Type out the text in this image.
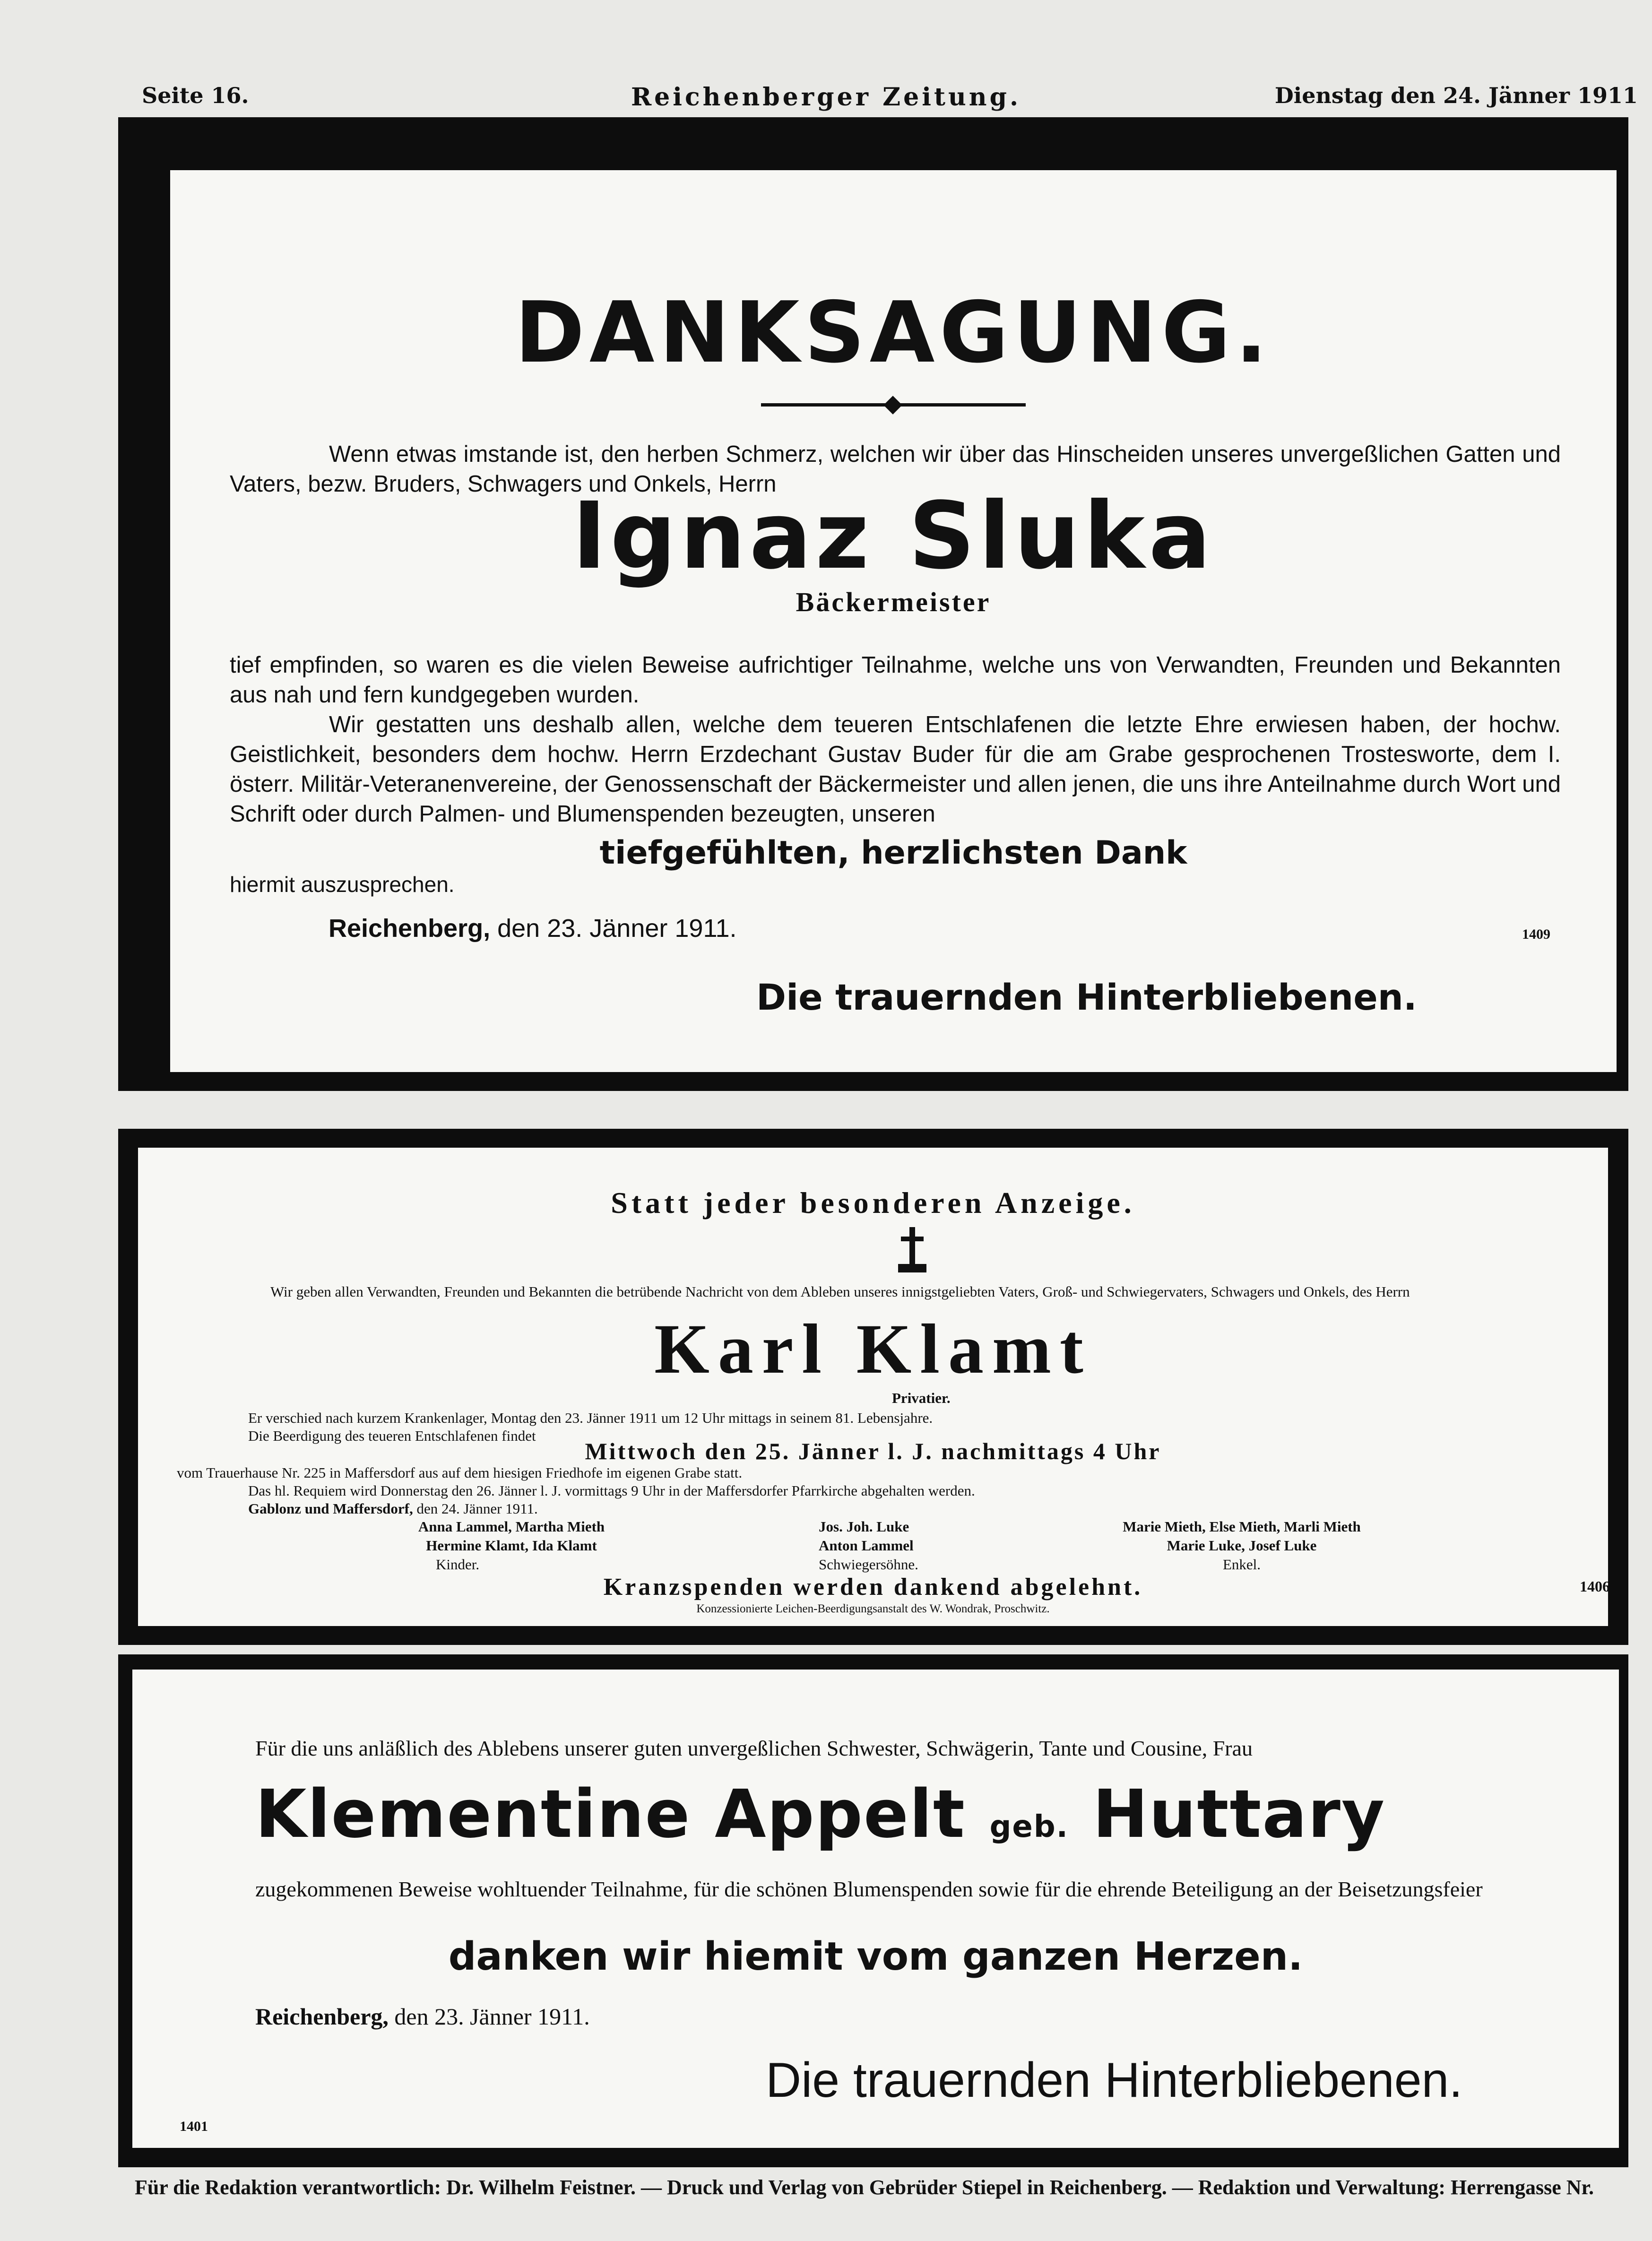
Seite 16.	Reichenberger Zeitung.	Dienstag den 24. Jänner 1911
DANKSAGUNG.

Wenn etwas imstande ist, den herben Schmerz, welchen wir über das Hinscheiden unseres unvergeßlichen Gatten und Vaters, bezw. Bruders, Schwagers und Onkels, Herrn

Ignaz Sluka
Bäckermeister

tief empfinden, so waren es die vielen Beweise aufrichtiger Teilnahme, welche uns von Verwandten, Freunden und Bekannten aus nah und fern kundgegeben wurden.

Wir gestatten uns deshalb allen, welche dem teueren Entschlafenen die letzte Ehre erwiesen haben, der hochw. Geistlichkeit, besonders dem hochw. Herrn Erzdechant Gustav Buder für die am Grabe gesprochenen Trostesworte, dem I. österr. Militär-Veteranenvereine, der Genossenschaft der Bäckermeister und allen jenen, die uns ihre Anteilnahme durch Wort und Schrift oder durch Palmen- und Blumenspenden bezeugten, unseren

tiefgefühlten, herzlichsten Dank
hiermit auszusprechen.
Reichenberg, den 23. Jänner 1911.	1409
Die trauernden Hinterbliebenen.
Statt jeder besonderen Anzeige.

Wir geben allen Verwandten, Freunden und Bekannten die betrübende Nachricht von dem Ableben unseres innigstgeliebten Vaters, Groß- und Schwiegervaters, Schwagers und Onkels, des Herrn

Karl Klamt
Privatier.
Er verschied nach kurzem Krankenlager, Montag den 23. Jänner 1911 um 12 Uhr mittags in seinem 81. Lebensjahre.
Die Beerdigung des teueren Entschlafenen findet
Mittwoch den 25. Jänner l. J. nachmittags 4 Uhr
vom Trauerhause Nr. 225 in Maffersdorf aus auf dem hiesigen Friedhofe im eigenen Grabe statt.
Das hl. Requiem wird Donnerstag den 26. Jänner l. J. vormittags 9 Uhr in der Maffersdorfer Pfarrkirche abgehalten werden.
Gablonz und Maffersdorf, den 24. Jänner 1911.
Anna Lammel, Martha Mieth
Hermine Klamt, Ida Klamt
Kinder.
Jos. Joh. Luke
Anton Lammel
Schwiegersöhne.
Marie Mieth, Else Mieth, Marli Mieth
Marie Luke, Josef Luke
Enkel.
Kranzspenden werden dankend abgelehnt.	1406
Konzessionierte Leichen-Beerdigungsanstalt des W. Wondrak, Proschwitz.
Für die uns anläßlich des Ablebens unserer guten unvergeßlichen Schwester, Schwägerin, Tante und Cousine, Frau
Klementine Appelt geb. Huttary

zugekommenen Beweise wohltuender Teilnahme, für die schönen Blumenspenden sowie für die ehrende Beteiligung an der Beisetzungsfeier

danken wir hiemit vom ganzen Herzen.
Reichenberg, den 23. Jänner 1911.
Die trauernden Hinterbliebenen.
1401
Für die Redaktion verantwortlich: Dr. Wilhelm Feistner. — Druck und Verlag von Gebrüder Stiepel in Reichenberg. — Redaktion und Verwaltung: Herrengasse Nr.
